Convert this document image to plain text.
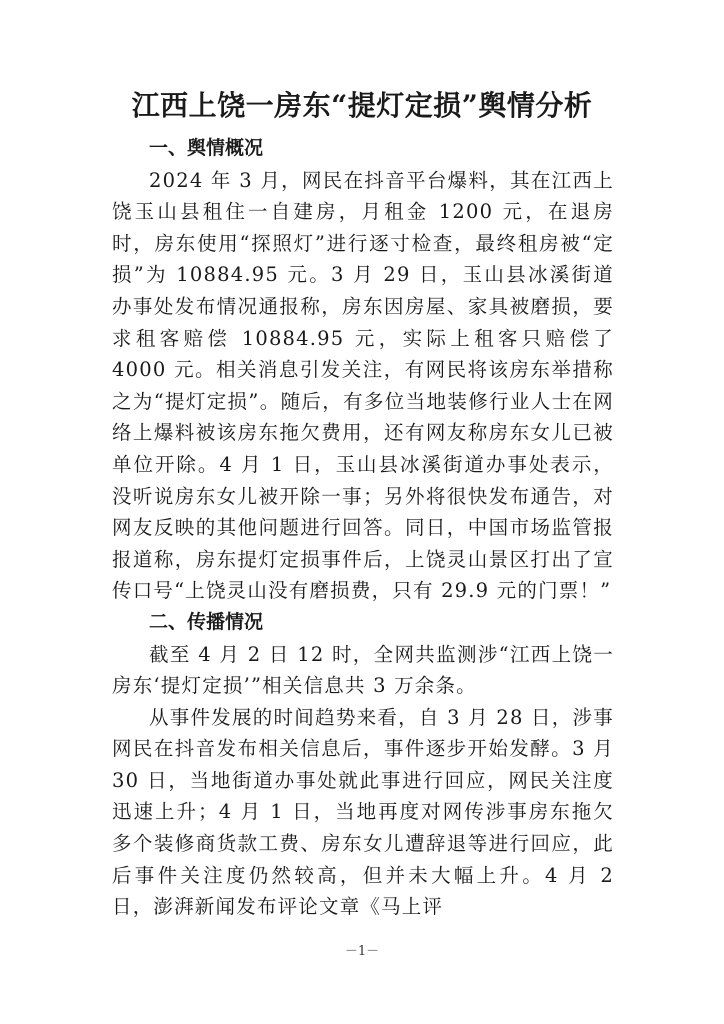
江西上饶一房东“提灯定损”舆情分析

一、舆情概况

2024 年 3 月，网民在抖音平台爆料，其在江西上饶玉山县租住一自建房，月租金 1200 元，在退房时，房东使用“探照灯”进行逐寸检查，最终租房被“定损”为 10884.95 元。3 月 29 日，玉山县冰溪街道办事处发布情况通报称，房东因房屋、家具被磨损，要求租客赔偿 10884.95 元，实际上租客只赔偿了 4000 元。相关消息引发关注，有网民将该房东举措称之为“提灯定损”。随后，有多位当地装修行业人士在网络上爆料被该房东拖欠费用，还有网友称房东女儿已被单位开除。4 月 1 日，玉山县冰溪街道办事处表示，没听说房东女儿被开除一事；另外将很快发布通告，对网友反映的其他问题进行回答。同日，中国市场监管报报道称，房东提灯定损事件后，上饶灵山景区打出了宣传口号“上饶灵山没有磨损费，只有 29.9 元的门票！”

二、传播情况

截至 4 月 2 日 12 时，全网共监测涉“江西上饶一房东‘提灯定损’”相关信息共 3 万余条。

从事件发展的时间趋势来看，自 3 月 28 日，涉事网民在抖音发布相关信息后，事件逐步开始发酵。3 月 30 日，当地街道办事处就此事进行回应，网民关注度迅速上升；4 月 1 日，当地再度对网传涉事房东拖欠多个装修商货款工费、房东女儿遭辞退等进行回应，此后事件关注度仍然较高，但并未大幅上升。4 月 2 日，澎湃新闻发布评论文章《马上评

－1－
